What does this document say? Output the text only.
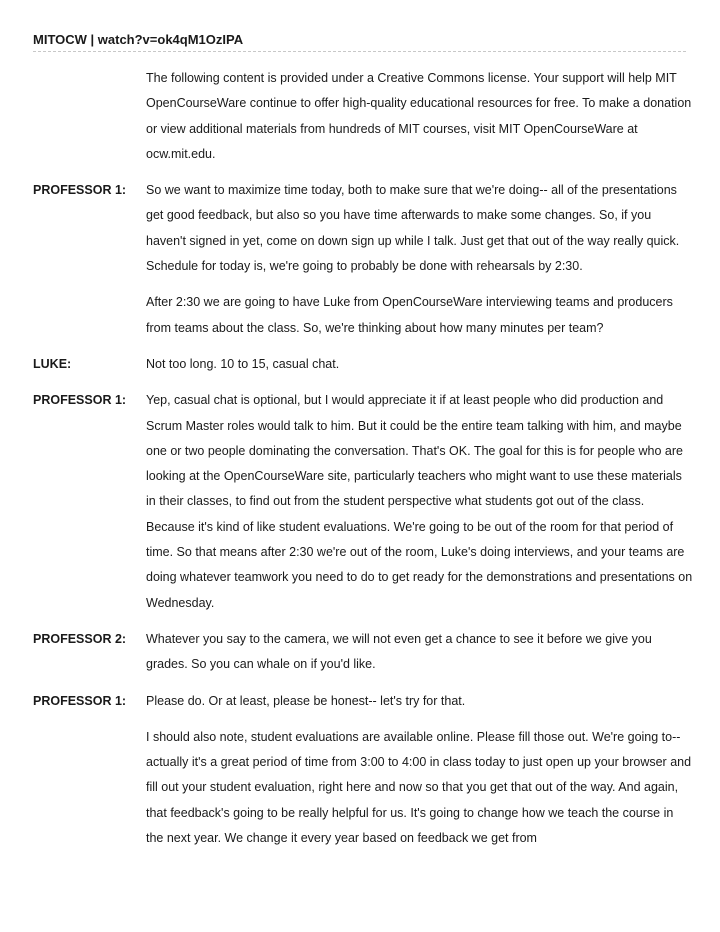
MITOCW | watch?v=ok4qM1OzIPA

The following content is provided under a Creative Commons license. Your support will help MIT OpenCourseWare continue to offer high-quality educational resources for free. To make a donation or view additional materials from hundreds of MIT courses, visit MIT OpenCourseWare at ocw.mit.edu.

PROFESSOR 1:	So we want to maximize time today, both to make sure that we're doing-- all of the presentations get good feedback, but also so you have time afterwards to make some changes. So, if you haven't signed in yet, come on down sign up while I talk. Just get that out of the way really quick. Schedule for today is, we're going to probably be done with rehearsals by 2:30.

After 2:30 we are going to have Luke from OpenCourseWare interviewing teams and producers from teams about the class. So, we're thinking about how many minutes per team?

LUKE:	Not too long. 10 to 15, casual chat.

PROFESSOR 1:	Yep, casual chat is optional, but I would appreciate it if at least people who did production and Scrum Master roles would talk to him. But it could be the entire team talking with him, and maybe one or two people dominating the conversation. That's OK. The goal for this is for people who are looking at the OpenCourseWare site, particularly teachers who might want to use these materials in their classes, to find out from the student perspective what students got out of the class. Because it's kind of like student evaluations. We're going to be out of the room for that period of time. So that means after 2:30 we're out of the room, Luke's doing interviews, and your teams are doing whatever teamwork you need to do to get ready for the demonstrations and presentations on Wednesday.

PROFESSOR 2:	Whatever you say to the camera, we will not even get a chance to see it before we give you grades. So you can whale on if you'd like.

PROFESSOR 1:	Please do. Or at least, please be honest-- let's try for that.

I should also note, student evaluations are available online. Please fill those out. We're going to-- actually it's a great period of time from 3:00 to 4:00 in class today to just open up your browser and fill out your student evaluation, right here and now so that you get that out of the way. And again, that feedback's going to be really helpful for us. It's going to change how we teach the course in the next year. We change it every year based on feedback we get from
